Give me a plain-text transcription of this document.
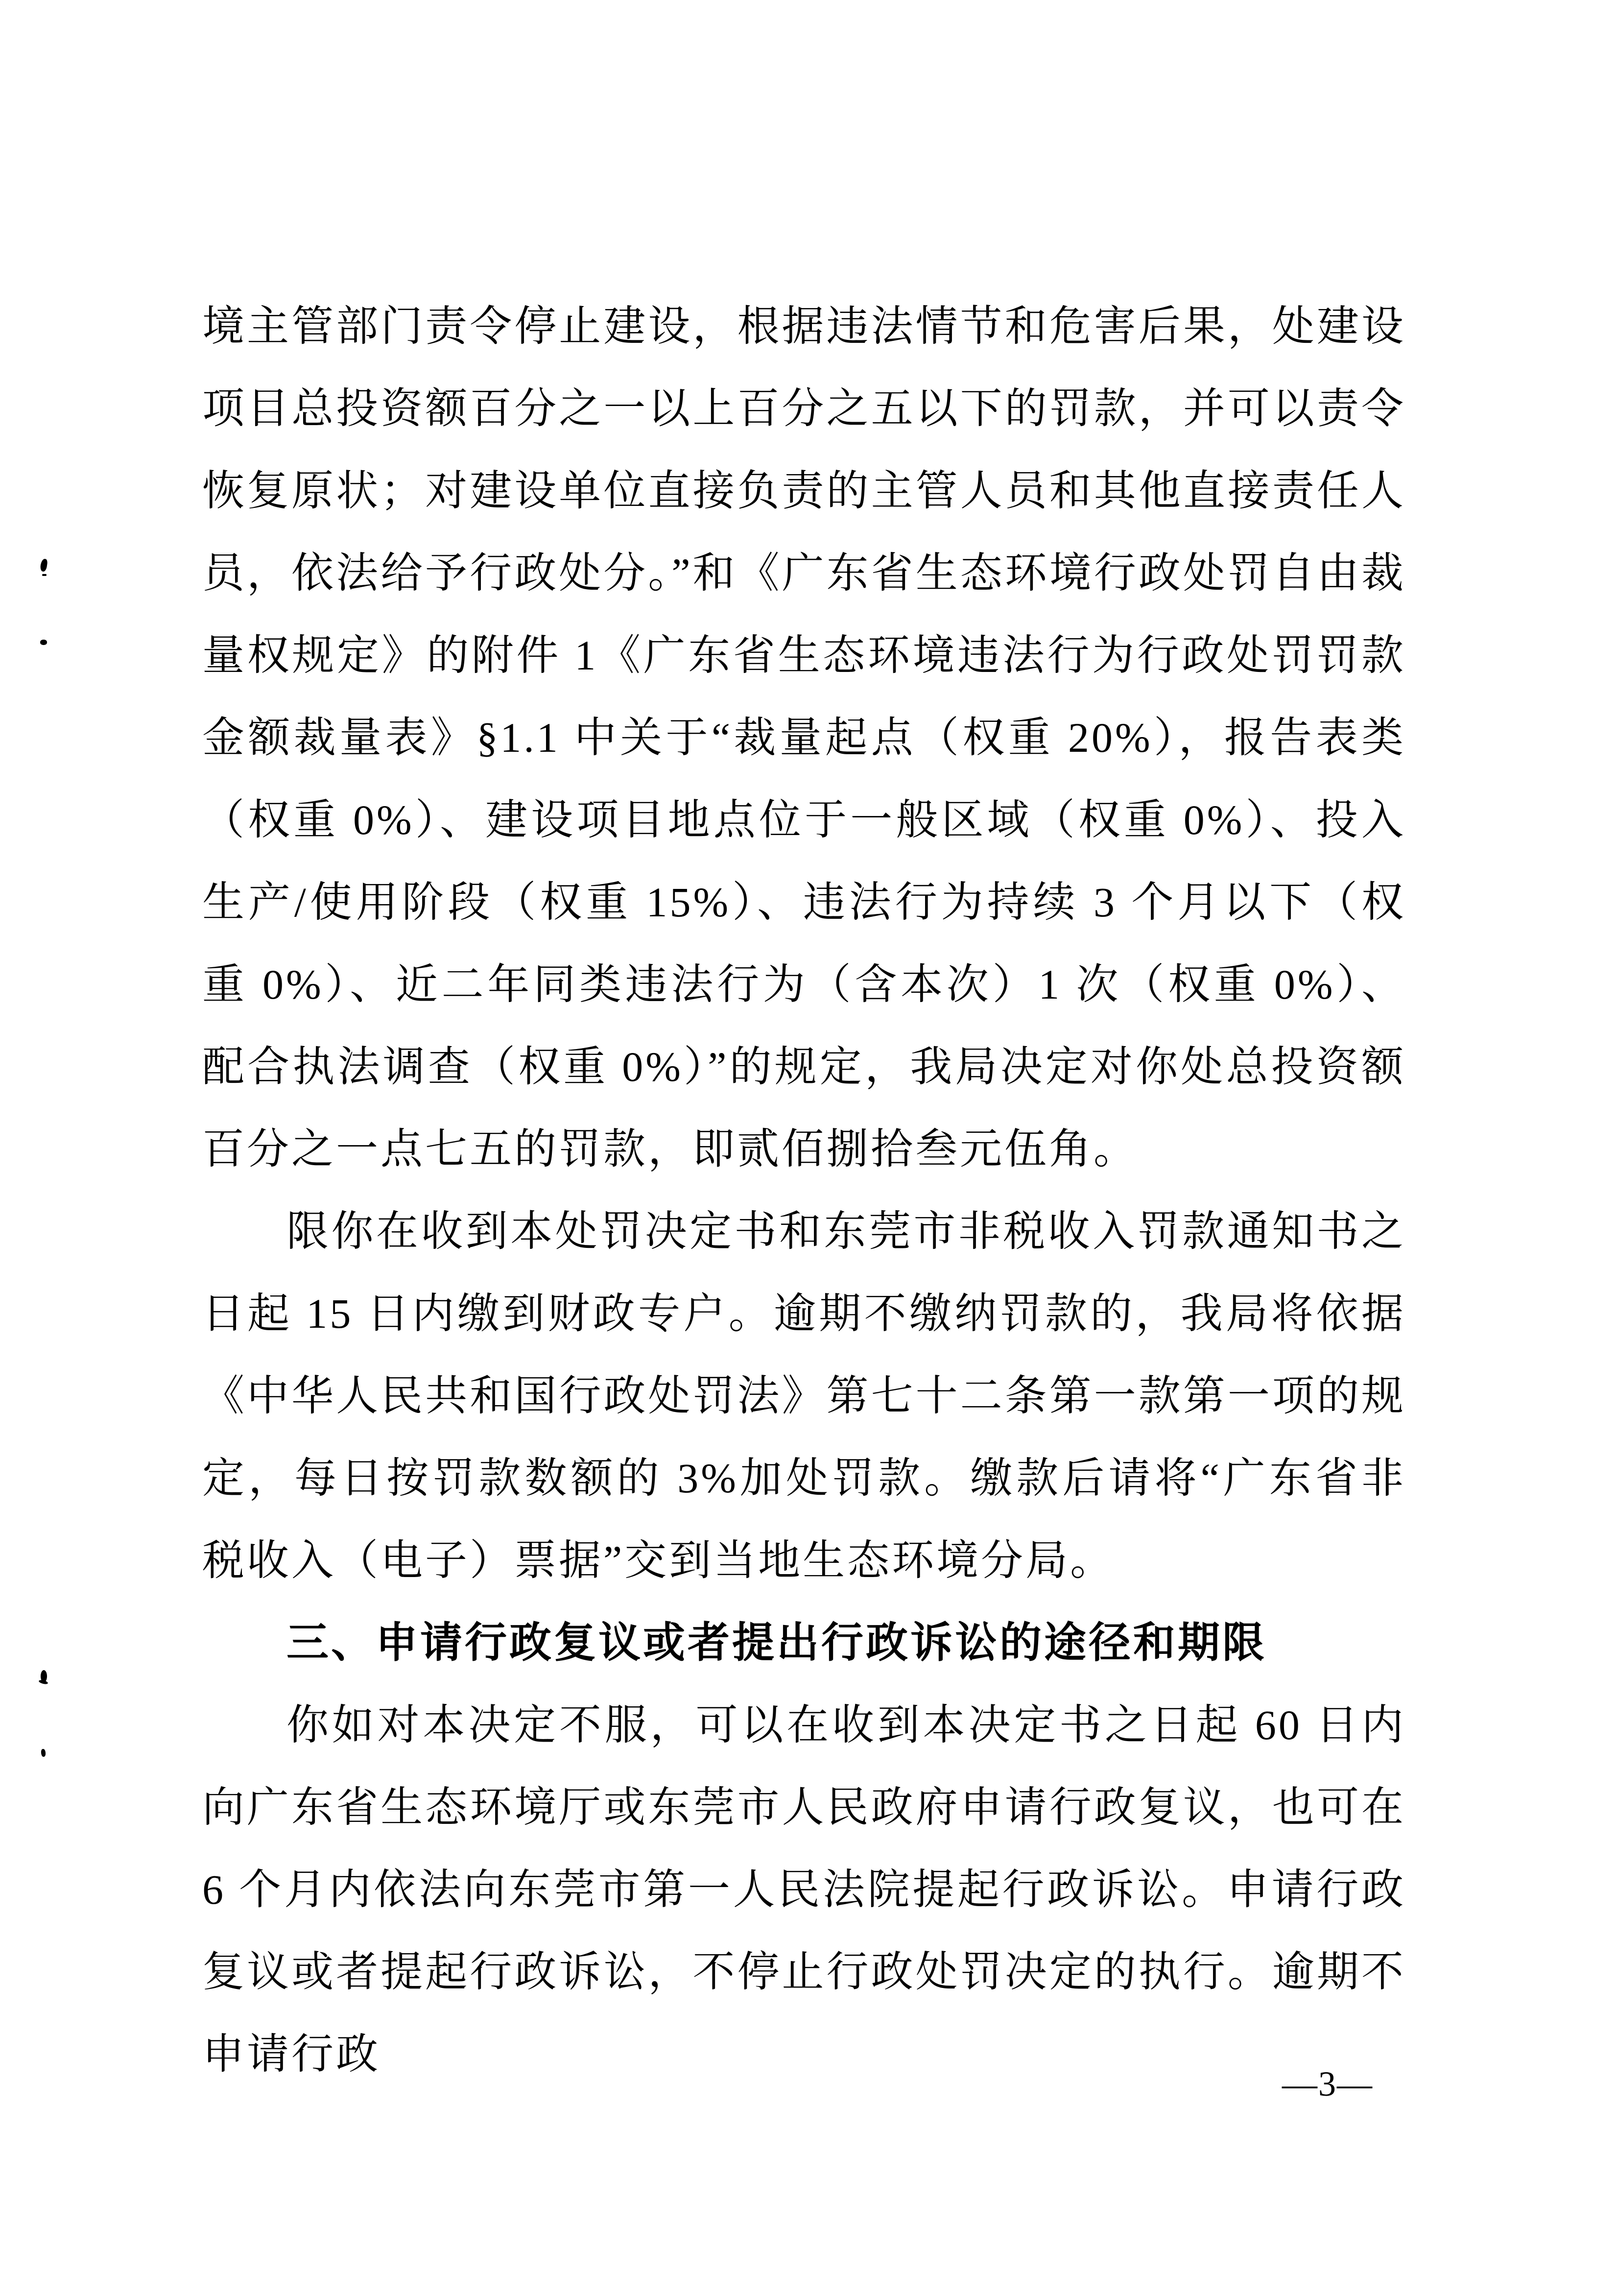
境主管部门责令停止建设，根据违法情节和危害后果，处建设项目总投资额百分之一以上百分之五以下的罚款，并可以责令恢复原状；对建设单位直接负责的主管人员和其他直接责任人员，依法给予行政处分。”和《广东省生态环境行政处罚自由裁量权规定》的附件 1《广东省生态环境违法行为行政处罚罚款金额裁量表》§1.1 中关于“裁量起点（权重 20%），报告表类（权重 0%）、建设项目地点位于一般区域（权重 0%）、投入生产/使用阶段（权重 15%）、违法行为持续 3 个月以下（权重 0%）、近二年同类违法行为（含本次）1 次（权重 0%）、配合执法调查（权重 0%）”的规定，我局决定对你处总投资额百分之一点七五的罚款，即贰佰捌拾叁元伍角。

限你在收到本处罚决定书和东莞市非税收入罚款通知书之日起 15 日内缴到财政专户。逾期不缴纳罚款的，我局将依据《中华人民共和国行政处罚法》第七十二条第一款第一项的规定，每日按罚款数额的 3%加处罚款。缴款后请将“广东省非税收入（电子）票据”交到当地生态环境分局。

三、申请行政复议或者提出行政诉讼的途径和期限

你如对本决定不服，可以在收到本决定书之日起 60 日内向广东省生态环境厅或东莞市人民政府申请行政复议，也可在 6 个月内依法向东莞市第一人民法院提起行政诉讼。申请行政复议或者提起行政诉讼，不停止行政处罚决定的执行。逾期不申请行政

—3—
